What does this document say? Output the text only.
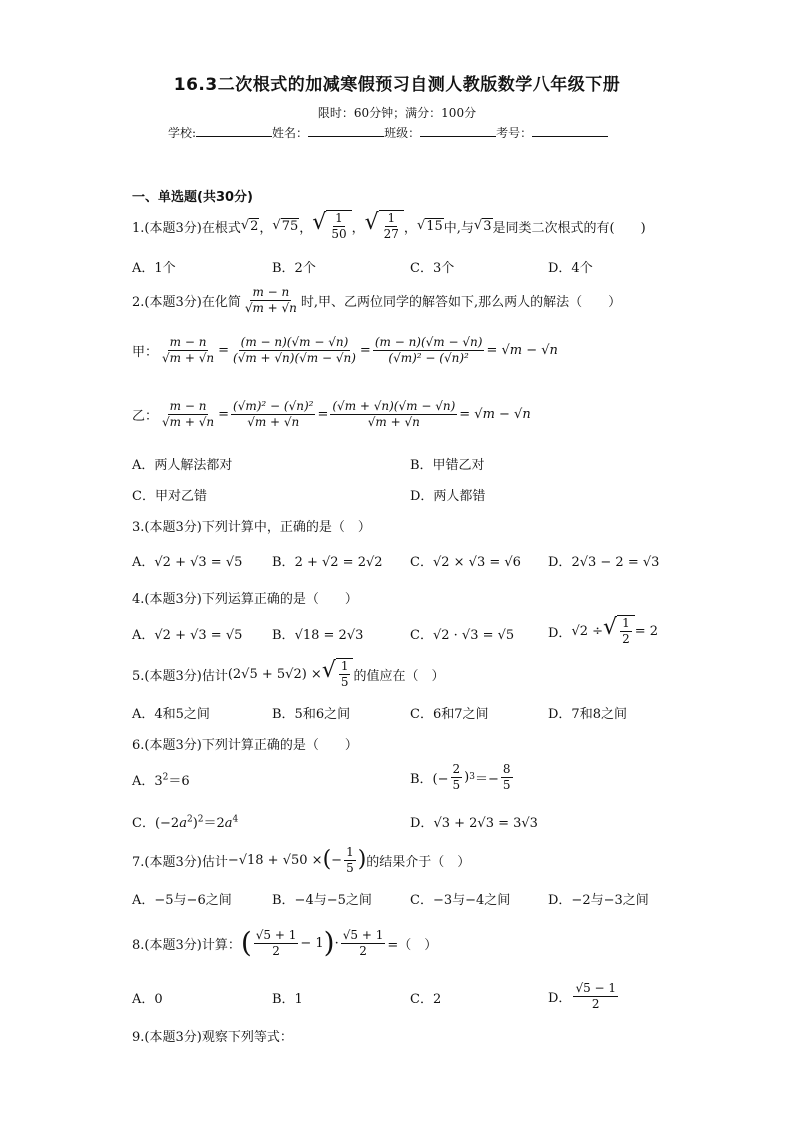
16.3二次根式的加减寒假预习自测人教版数学八年级下册
限时：60分钟；满分：100分
学校:	姓名：	班级：	考号：
一、单选题(共30分)
1.(本题3分)在根式 √ 2 ， √ 75 ， √ $\frac{1}{50}$ ， √ $\frac{1}{27}$ ， √ 15 中,与 √ 3 是同类二次根式的有(　　)
A．1个	B．2个	C．3个	D．4个
2.(本题3分)在化简 $\frac{m - n}{√m + √n}$ 时,甲、乙两位同学的解答如下,那么两人的解法（　　）
甲： $\frac{m - n}{√m + √n} = \frac{(m - n)(√m - √n)}{(√m + √n)(√m - √n)} = \frac{(m - n)(√m - √n)}{\text{(√m)² − (√n)²}} = √m - √n$
乙： $\frac{m - n}{√m + √n} = \frac{\text{(√m)² − (√n)²}}{√m + √n} = \frac{(√m + √n)(√m - √n)}{√m + √n} = √m - √n$
A．两人解法都对	B．甲错乙对
C．甲对乙错	D．两人都错
3.(本题3分)下列计算中，正确的是（　）
A．√2 + √3 = √5 B．2 + √2 = 2√2 C．√2 × √3 = √6 D．2√3 − 2 = √3
4.(本题3分)下列运算正确的是（　　）
A．√2 + √3 = √5 B．√18 = 2√3	C．√2 · √3 = √5	D． √2 ÷ √ $\frac{1}{2} = 2$
5.(本题3分)估计 (2√5 + 5√2) × √ $\frac{1}{5}$ 的值应在（　）
A．4和5之间	B．5和6之间	C．6和7之间	D．7和8之间
6.(本题3分)下列计算正确的是（　　）
A．$3^2=6$	B．(− $\frac{2}{5}$ ) $3 =- \frac{8}{5}$
C．$(-2a^2)^2=2a^4$	D．√3 + 2√3 = 3√3
7.(本题3分)估计 −√18 + √50 × ( − $\frac{1}{5}$ ) 的结果介于（　）
A．−5与−6之间	B．−4与−5之间	C．−3与−4之间	D．−2与−3之间
8.(本题3分)计算： ( $\frac{√5 + 1}{2} - 1$ ) · $\frac{√5 + 1}{2}$ =（　）
A．0	B．1	C．2	D． $\frac{√5 - 1}{2}$
9.(本题3分)观察下列等式：
